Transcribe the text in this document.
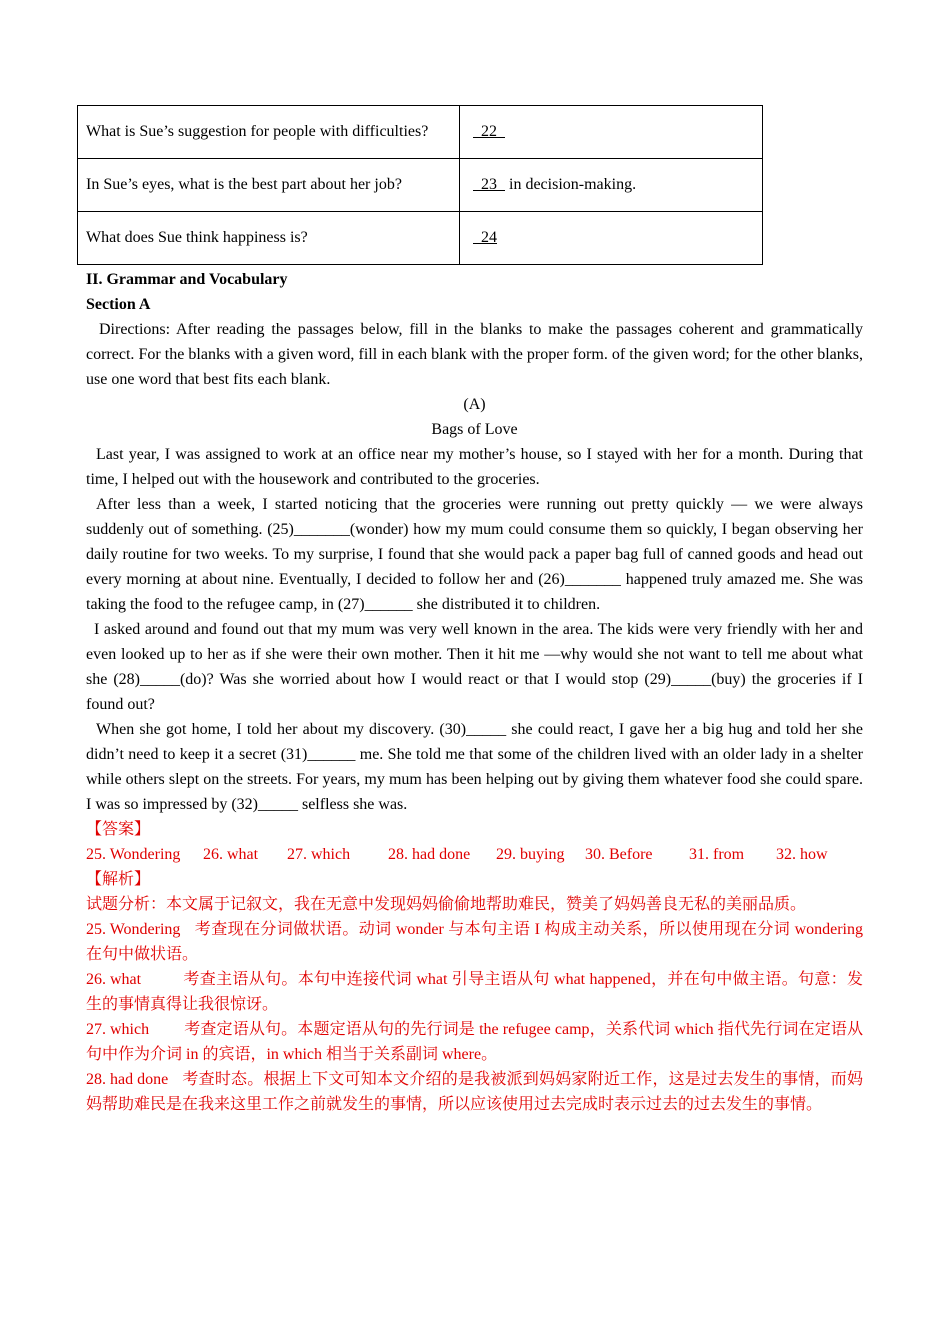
What is Sue’s suggestion for people with difficulties?	22
In Sue’s eyes, what is the best part about her job?	23   in decision-making.
What does Sue think happiness is?	24
II. Grammar and Vocabulary
Section A

Directions: After reading the passages below, fill in the blanks to make the passages coherent and grammatically correct. For the blanks with a given word, fill in each blank with the proper form. of the given word; for the other blanks, use one word that best fits each blank.

(A)
Bags of Love

Last year, I was assigned to work at an office near my mother’s house, so I stayed with her for a month. During that time, I helped out with the housework and contributed to the groceries.

After less than a week, I started noticing that the groceries were running out pretty quickly — we were always suddenly out of something. (25)_______(wonder) how my mum could consume them so quickly, I began observing her daily routine for two weeks. To my surprise, I found that she would pack a paper bag full of canned goods and head out every morning at about nine. Eventually, I decided to follow her and (26)_______ happened truly amazed me. She was taking the food to the refugee camp, in (27)______ she distributed it to children.

I asked around and found out that my mum was very well known in the area. The kids were very friendly with her and even looked up to her as if she were their own mother. Then it hit me —why would she not want to tell me about what she (28)_____(do)? Was she worried about how I would react or that I would stop (29)_____(buy) the groceries if I found out?

When she got home, I told her about my discovery. (30)_____ she could react, I gave her a big hug and told her she didn’t need to keep it a secret (31)______ me. She told me that some of the children lived with an older lady in a shelter while others slept on the streets. For years, my mum has been helping out by giving them whatever food she could spare. I was so impressed by (32)_____ selfless she was.

【答案】
25. Wondering	26. what	27. which	28. had done	29. buying	30. Before	31. from	32. how
【解析】

试题分析：本文属于记叙文，我在无意中发现妈妈偷偷地帮助难民，赞美了妈妈善良无私的美丽品质。

25. Wondering 考查现在分词做状语。动词 wonder 与本句主语 I 构成主动关系，所以使用现在分词 wondering 在句中做状语。

26. what	考查主语从句。本句中连接代词 what 引导主语从句 what happened，并在句中做主语。句意：发生的事情真得让我很惊讶。

27. which 考查定语从句。本题定语从句的先行词是 the refugee camp，关系代词 which 指代先行词在定语从句中作为介词 in 的宾语，in which 相当于关系副词 where。

28. had done 考查时态。根据上下文可知本文介绍的是我被派到妈妈家附近工作，这是过去发生的事情，而妈妈帮助难民是在我来这里工作之前就发生的事情，所以应该使用过去完成时表示过去的过去发生的事情。
